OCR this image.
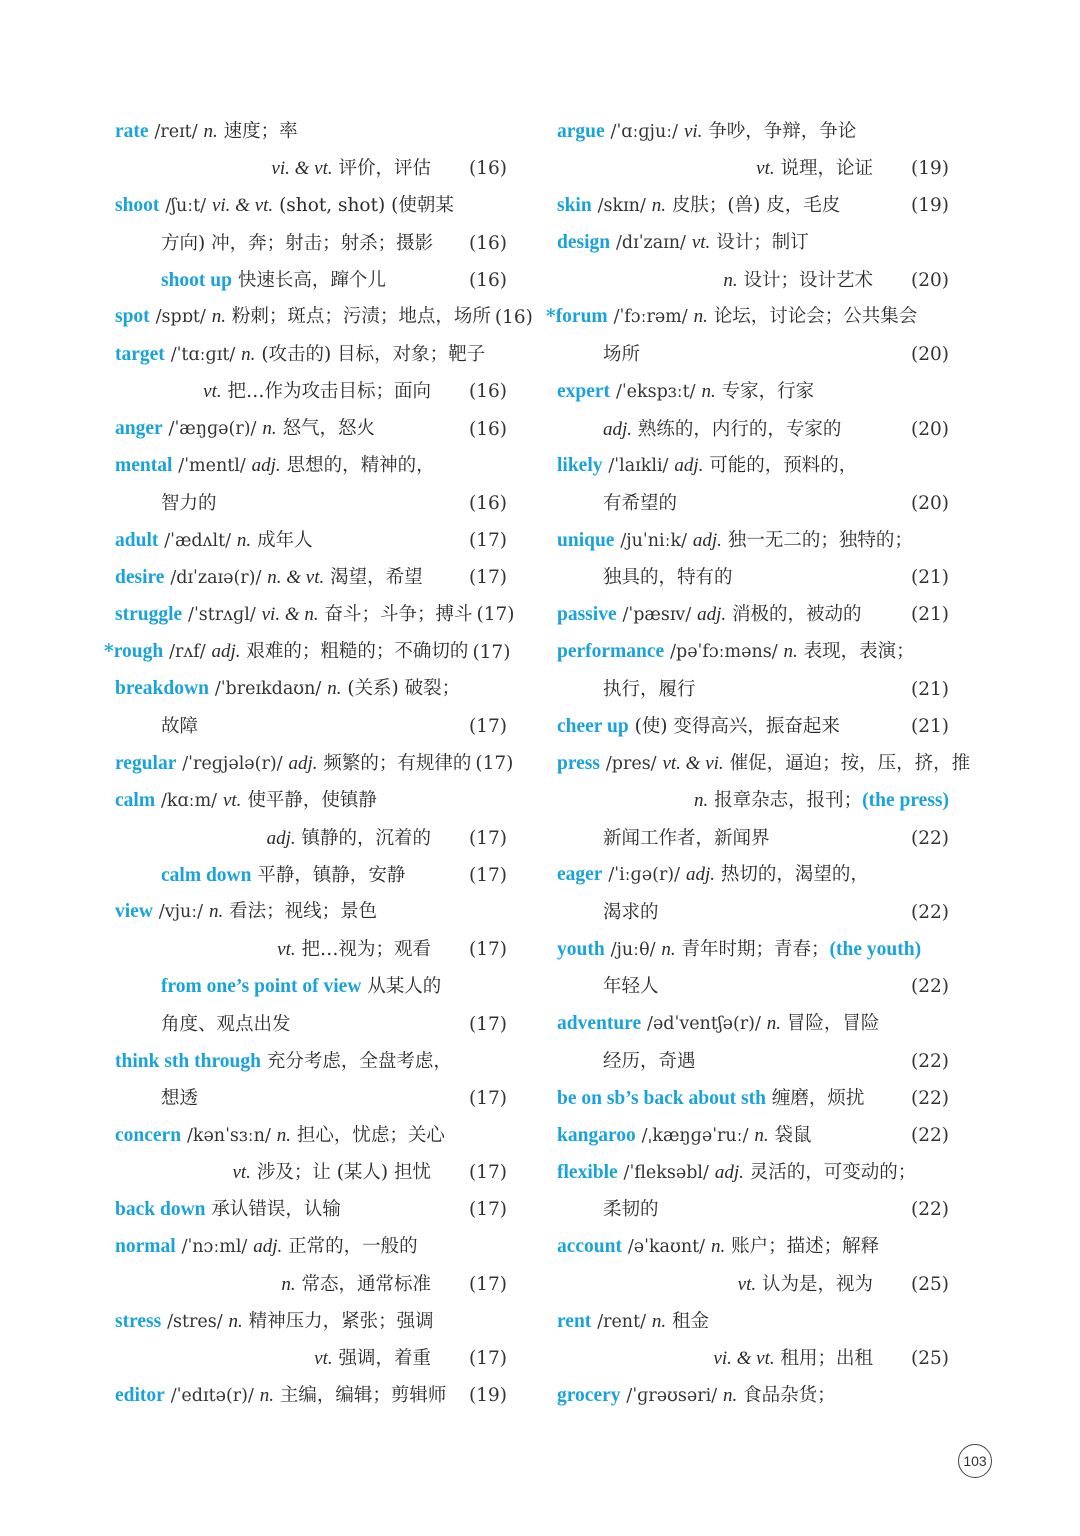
rate /reɪt/ n. 速度；率
vi. & vt. 评价，评估 (16)
shoot /ʃuːt/ vi. & vt. (shot, shot) (使朝某
方向) 冲，奔；射击；射杀；摄影	(16)
shoot up 快速长高，蹿个儿	(16)
spot /spɒt/ n. 粉刺；斑点；污渍；地点，场所 (16)
target /ˈtɑːɡɪt/ n. (攻击的) 目标，对象；靶子
vt. 把…作为攻击目标；面向 (16)
anger /ˈæŋɡə(r)/ n. 怒气，怒火	(16)
mental /ˈmentl/ adj. 思想的，精神的，
智力的	(16)
adult /ˈædʌlt/ n. 成年人	(17)
desire /dɪˈzaɪə(r)/ n. & vt. 渴望，希望	(17)
struggle /ˈstrʌɡl/ vi. & n. 奋斗；斗争；搏斗 (17)
*rough /rʌf/ adj. 艰难的；粗糙的；不确切的 (17)
breakdown /ˈbreɪkdaʊn/ n. (关系) 破裂；
故障	(17)
regular /ˈreɡjələ(r)/ adj. 频繁的；有规律的 (17)
calm /kɑːm/ vt. 使平静，使镇静
adj. 镇静的，沉着的 (17)
calm down 平静，镇静，安静	(17)
view /vjuː/ n. 看法；视线；景色
vt. 把…视为；观看 (17)
from one’s point of view 从某人的
角度、观点出发	(17)
think sth through 充分考虑，全盘考虑，
想透	(17)
concern /kənˈsɜːn/ n. 担心，忧虑；关心
vt. 涉及；让 (某人) 担忧 (17)
back down 承认错误，认输	(17)
normal /ˈnɔːml/ adj. 正常的，一般的
n. 常态，通常标准 (17)
stress /stres/ n. 精神压力，紧张；强调
vt. 强调，着重 (17)
editor /ˈedɪtə(r)/ n. 主编，编辑；剪辑师	(19)
argue /ˈɑːɡjuː/ vi. 争吵，争辩，争论
vt. 说理，论证 (19)
skin /skɪn/ n. 皮肤；(兽) 皮，毛皮	(19)
design /dɪˈzaɪn/ vt. 设计；制订
n. 设计；设计艺术 (20)
*forum /ˈfɔːrəm/ n. 论坛，讨论会；公共集会
场所	(20)
expert /ˈekspɜːt/ n. 专家，行家
adj. 熟练的，内行的，专家的	(20)
likely /ˈlaɪkli/ adj. 可能的，预料的，
有希望的	(20)
unique /juˈniːk/ adj. 独一无二的；独特的；
独具的，特有的	(21)
passive /ˈpæsɪv/ adj. 消极的，被动的	(21)
performance /pəˈfɔːməns/ n. 表现，表演；
执行，履行	(21)
cheer up (使) 变得高兴，振奋起来	(21)
press /pres/ vt. & vi. 催促，逼迫；按，压，挤，推
n. 报章杂志，报刊；(the press)
新闻工作者，新闻界	(22)
eager /ˈiːɡə(r)/ adj. 热切的，渴望的，
渴求的	(22)
youth /juːθ/ n. 青年时期；青春；(the youth)
年轻人	(22)
adventure /ədˈventʃə(r)/ n. 冒险，冒险
经历，奇遇	(22)
be on sb’s back about sth 缠磨，烦扰	(22)
kangaroo /ˌkæŋɡəˈruː/ n. 袋鼠	(22)
flexible /ˈfleksəbl/ adj. 灵活的，可变动的；
柔韧的	(22)
account /əˈkaʊnt/ n. 账户；描述；解释
vt. 认为是，视为 (25)
rent /rent/ n. 租金
vi. & vt. 租用；出租 (25)
grocery /ˈɡrəʊsəri/ n. 食品杂货；
103
